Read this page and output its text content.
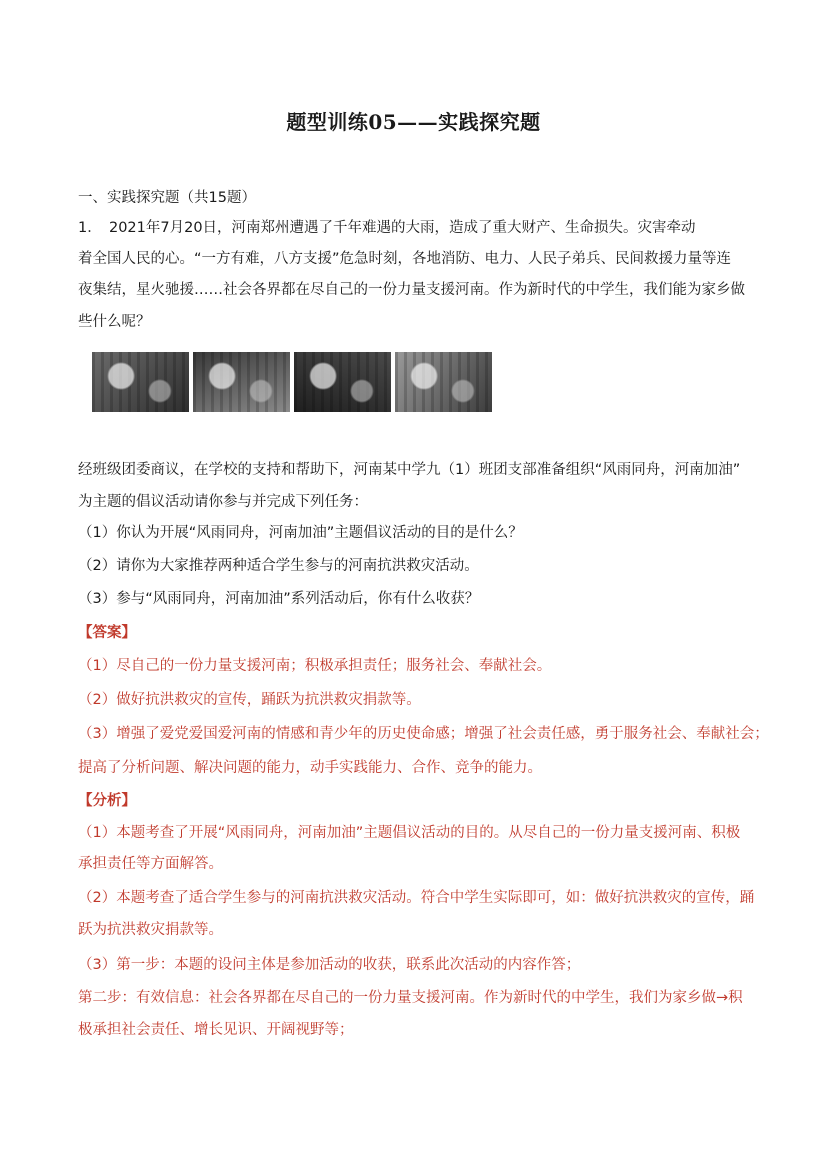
题型训练05——实践探究题
一、实践探究题（共15题）
1．　2021年7月20日，河南郑州遭遇了千年难遇的大雨，造成了重大财产、生命损失。灾害牵动
着全国人民的心。“一方有难，八方支援”危急时刻，各地消防、电力、人民子弟兵、民间救援力量等连
夜集结，星火驰援……社会各界都在尽自己的一份力量支援河南。作为新时代的中学生，我们能为家乡做
些什么呢？
经班级团委商议，在学校的支持和帮助下，河南某中学九（1）班团支部准备组织“风雨同舟，河南加油”
为主题的倡议活动请你参与并完成下列任务：
（1）你认为开展“风雨同舟，河南加油”主题倡议活动的目的是什么？
（2）请你为大家推荐两种适合学生参与的河南抗洪救灾活动。
（3）参与“风雨同舟，河南加油”系列活动后，你有什么收获？
【答案】
（1）尽自己的一份力量支援河南；积极承担责任；服务社会、奉献社会。
（2）做好抗洪救灾的宣传，踊跃为抗洪救灾捐款等。
（3）增强了爱党爱国爱河南的情感和青少年的历史使命感；增强了社会责任感，勇于服务社会、奉献社会；
提高了分析问题、解决问题的能力，动手实践能力、合作、竞争的能力。
【分析】
（1）本题考查了开展“风雨同舟，河南加油”主题倡议活动的目的。从尽自己的一份力量支援河南、积极
承担责任等方面解答。
（2）本题考查了适合学生参与的河南抗洪救灾活动。符合中学生实际即可，如：做好抗洪救灾的宣传，踊
跃为抗洪救灾捐款等。
（3）第一步：本题的设问主体是参加活动的收获，联系此次活动的内容作答；
第二步：有效信息：社会各界都在尽自己的一份力量支援河南。作为新时代的中学生，我们为家乡做→积
极承担社会责任、增长见识、开阔视野等；
